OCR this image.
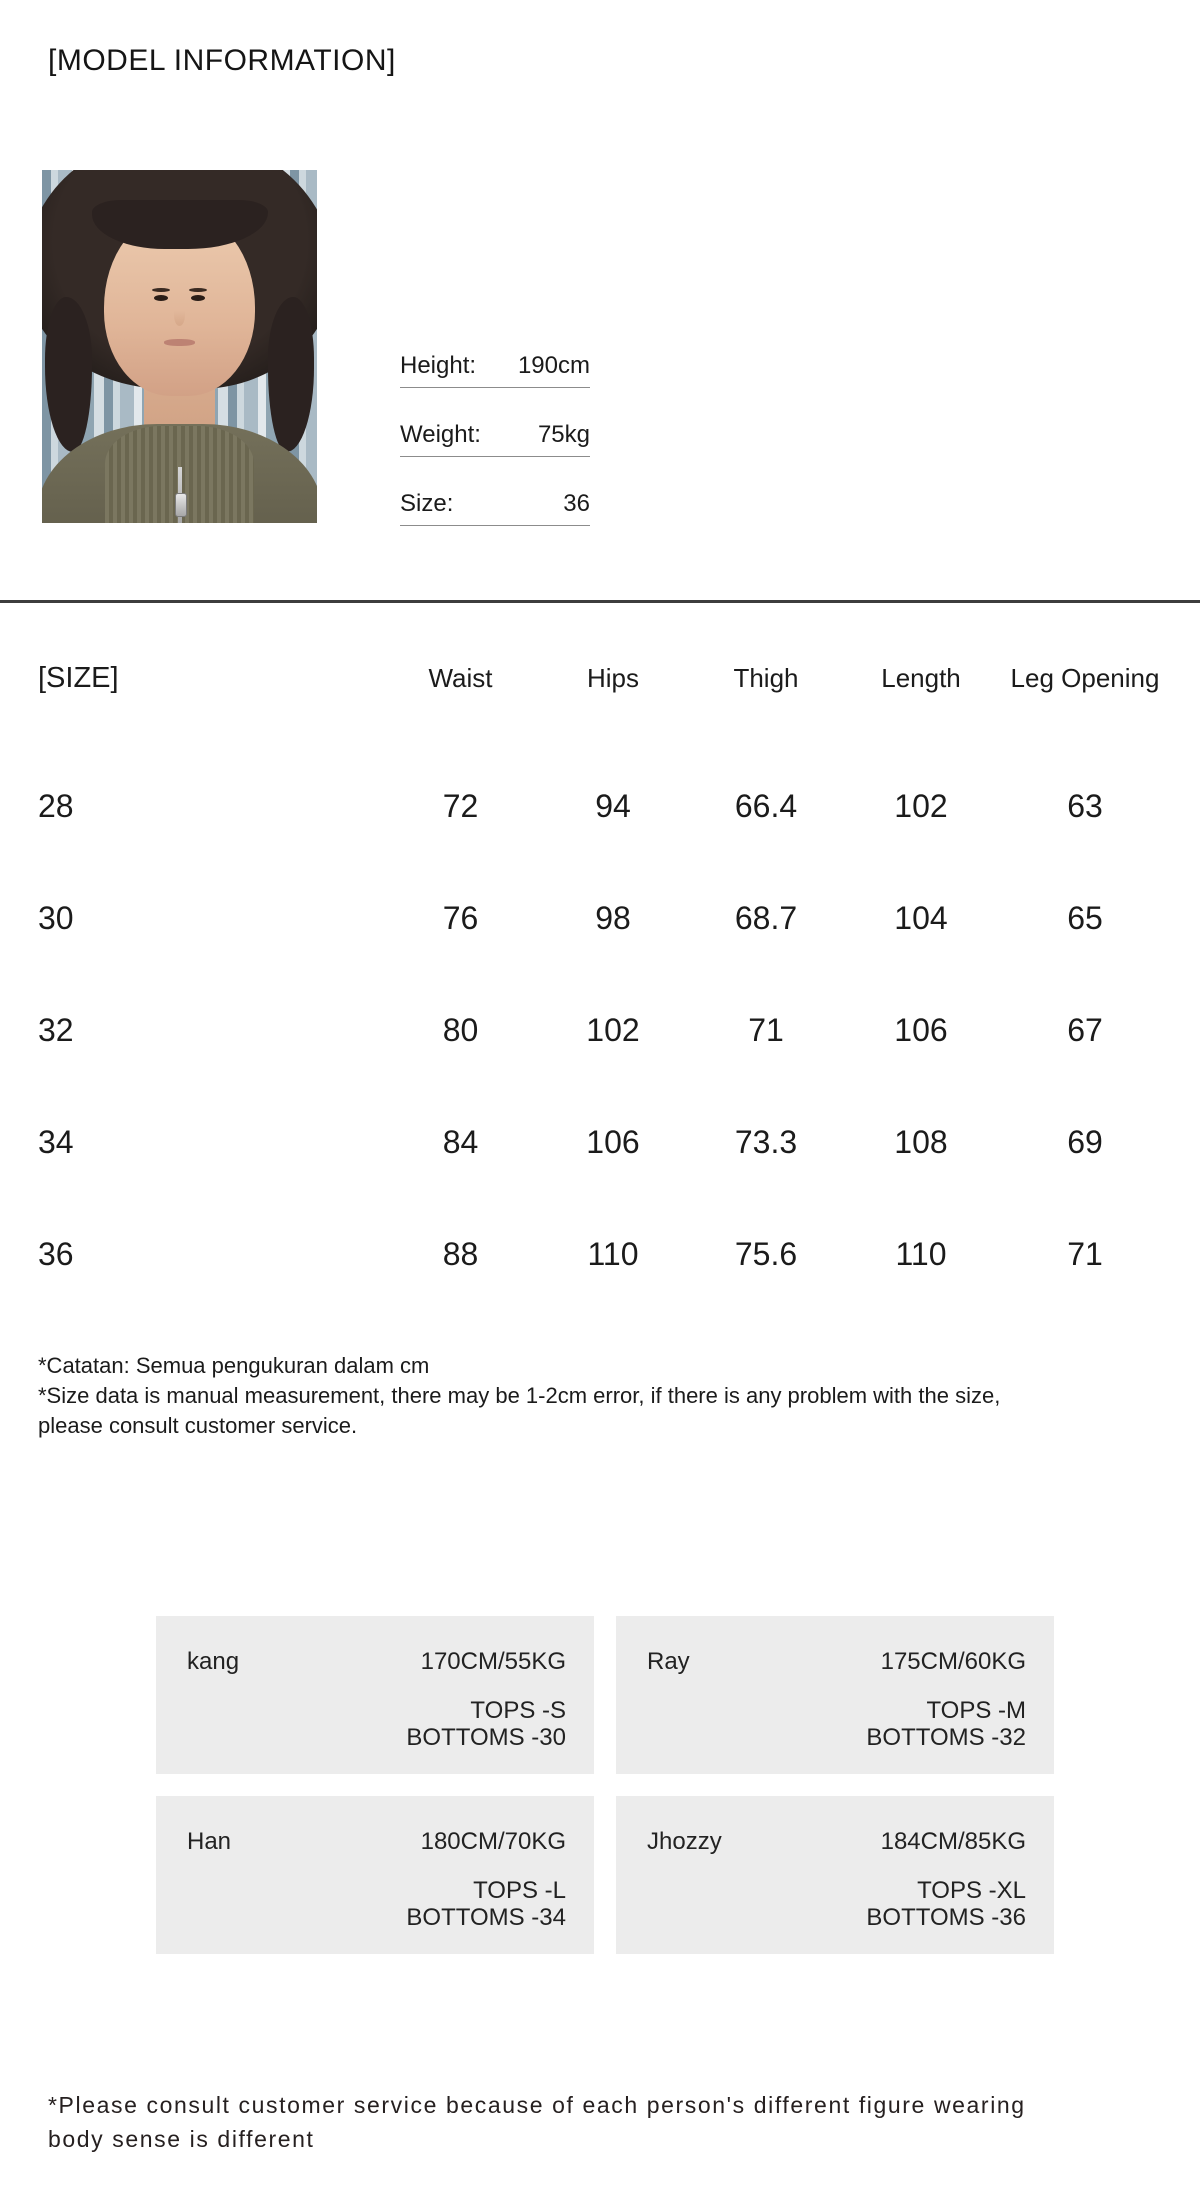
[MODEL INFORMATION]
Height: 190cm
Weight: 75kg
Size:	36
[SIZE]	Waist	Hips	Thigh	Length	Leg Opening
28	72	94	66.4	102	63
30	76	98	68.7	104	65
32	80	102	71	106	67
34	84	106	73.3	108	69
36	88	110	75.6	110	71
*Catatan: Semua pengukuran dalam cm
*Size data is manual measurement, there may be 1-2cm error, if there is any problem with the size,
please consult customer service.
kang	170CM/55KG
TOPS -S
BOTTOMS -30
Ray	175CM/60KG
TOPS -M
BOTTOMS -32
Han	180CM/70KG
TOPS -L
BOTTOMS -34
Jhozzy	184CM/85KG
TOPS -XL
BOTTOMS -36
*Please consult customer service because of each person's different figure wearing
body sense is different
